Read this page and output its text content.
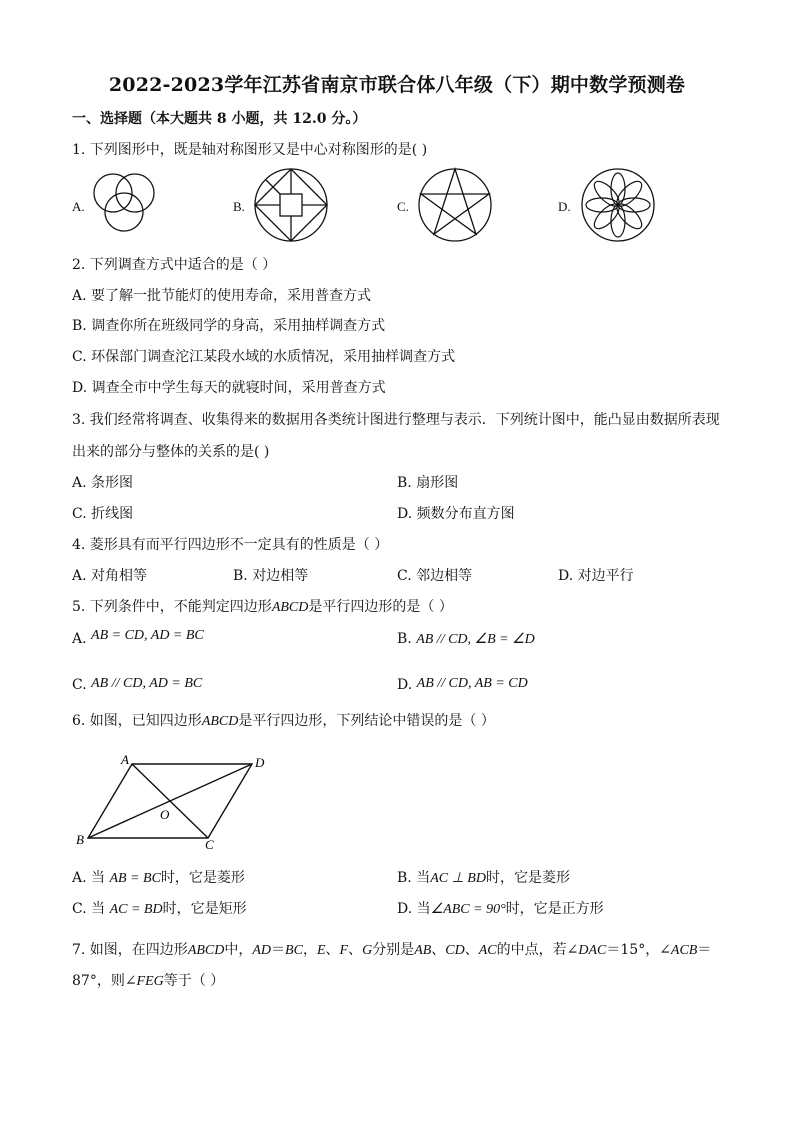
2022-2023学年江苏省南京市联合体八年级（下）期中数学预测卷
一、选择题（本大题共 8 小题，共 12.0 分。）
1. 下列图形中，既是轴对称图形又是中心对称图形的是( )
A.	B.	C.	D.
2. 下列调查方式中适合的是（ ）
A. 要了解一批节能灯的使用寿命，采用普查方式
B. 调查你所在班级同学的身高，采用抽样调查方式
C. 环保部门调查沱江某段水域的水质情况，采用抽样调查方式
D. 调查全市中学生每天的就寝时间，采用普查方式
3. 我们经常将调查、收集得来的数据用各类统计图进行整理与表示．下列统计图中，能凸显由数据所表现
出来的部分与整体的关系的是( )
A. 条形图	B. 扇形图
C. 折线图	D. 频数分布直方图
4. 菱形具有而平行四边形不一定具有的性质是（ ）
A. 对角相等	B. 对边相等	C. 邻边相等	D. 对边平行
5. 下列条件中，不能判定四边形ABCD是平行四边形的是（ ）
A. AB = CD, AD = BC	B. AB // CD, ∠B = ∠D
C. AB // CD, AD = BC	D. AB // CD, AB = CD
6. 如图，已知四边形ABCD是平行四边形，下列结论中错误的是（ ）
A	D
B	C
O
A. 当 AB = BC时，它是菱形	B. 当AC ⊥ BD时，它是菱形
C. 当 AC = BD时，它是矩形	D. 当∠ABC = 90°时，它是正方形
7. 如图，在四边形ABCD中，AD＝BC，E、F、G分别是AB、CD、AC的中点，若∠DAC＝15°，∠ACB＝
87°，则∠FEG等于（ ）
